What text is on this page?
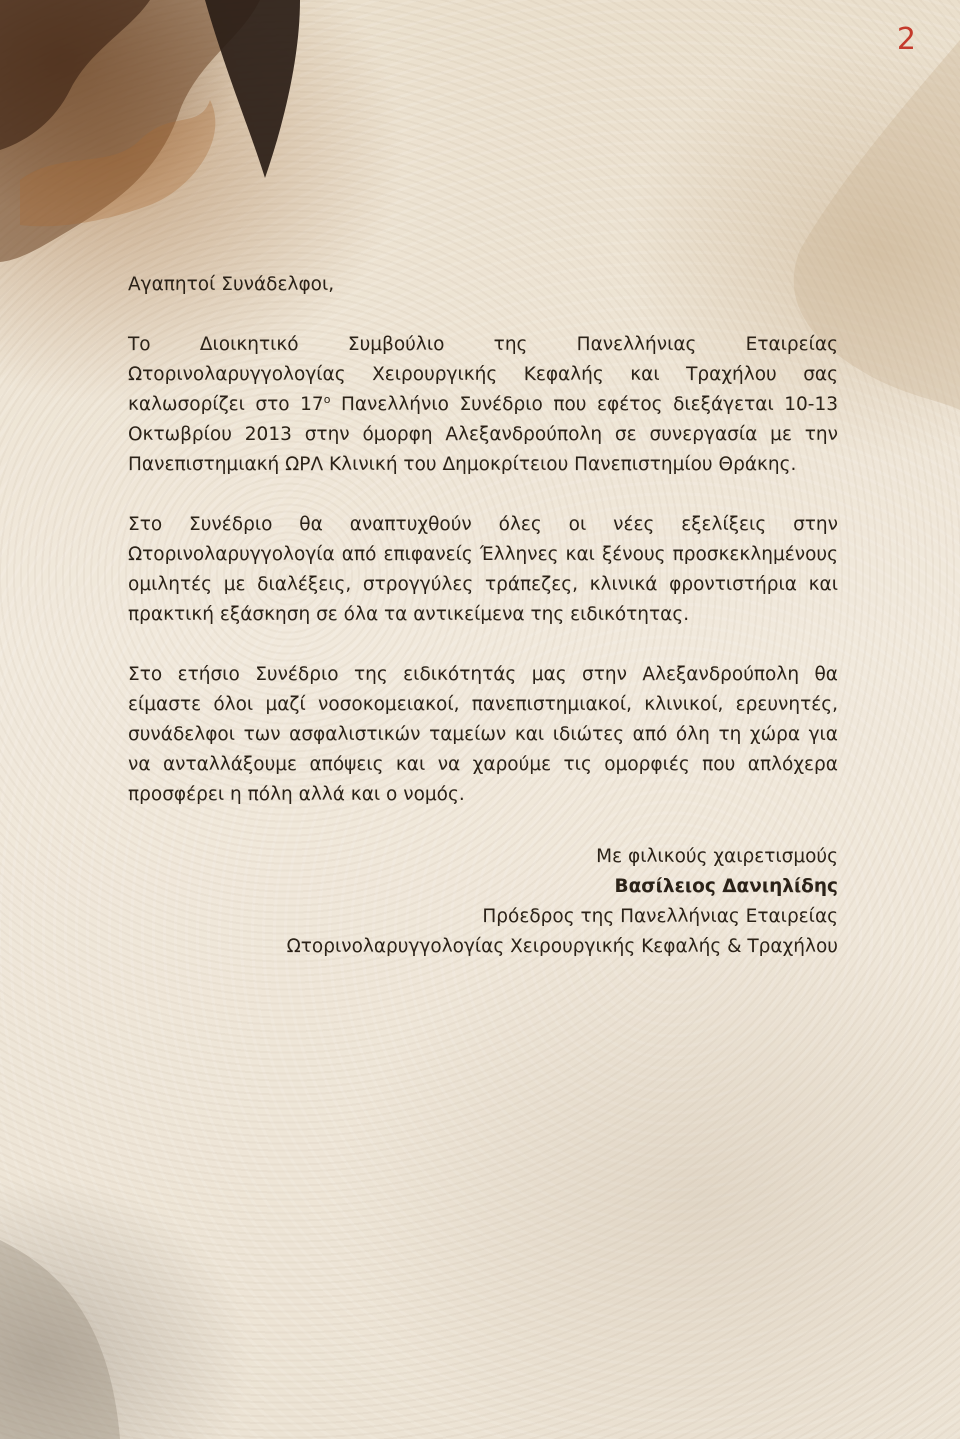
2

Αγαπητοί Συνάδελφοι,

Το Διοικητικό Συμβούλιο της Πανελλήνιας Εταιρείας Ωτορινολαρυγγολογίας Χειρουργικής Κεφαλής και Τραχήλου σας καλωσορίζει στο $17^o$ Πανελλήνιο Συνέδριο που εφέτος διεξάγεται 10-13 Οκτωβρίου 2013 στην όμορφη Αλεξανδρούπολη σε συνεργασία με την Πανεπιστημιακή ΩΡΛ Κλινική του Δημοκρίτειου Πανεπιστημίου Θράκης.

Στο Συνέδριο θα αναπτυχθούν όλες οι νέες εξελίξεις στην Ωτορινολαρυγγολογία από επιφανείς Έλληνες και ξένους προσκεκλημένους ομιλητές με διαλέξεις, στρογγύλες τράπεζες, κλινικά φροντιστήρια και πρακτική εξάσκηση σε όλα τα αντικείμενα της ειδικότητας.

Στο ετήσιο Συνέδριο της ειδικότητάς μας στην Αλεξανδρούπολη θα είμαστε όλοι μαζί νοσοκομειακοί, πανεπιστημιακοί, κλινικοί, ερευνητές, συνάδελφοι των ασφαλιστικών ταμείων και ιδιώτες από όλη τη χώρα για να ανταλλάξουμε απόψεις και να χαρούμε τις ομορφιές που απλόχερα προσφέρει η πόλη αλλά και ο νομός.

Με φιλικούς χαιρετισμούς
Βασίλειος Δανιηλίδης
Πρόεδρος της Πανελλήνιας Εταιρείας
Ωτορινολαρυγγολογίας Χειρουργικής Κεφαλής & Τραχήλου
